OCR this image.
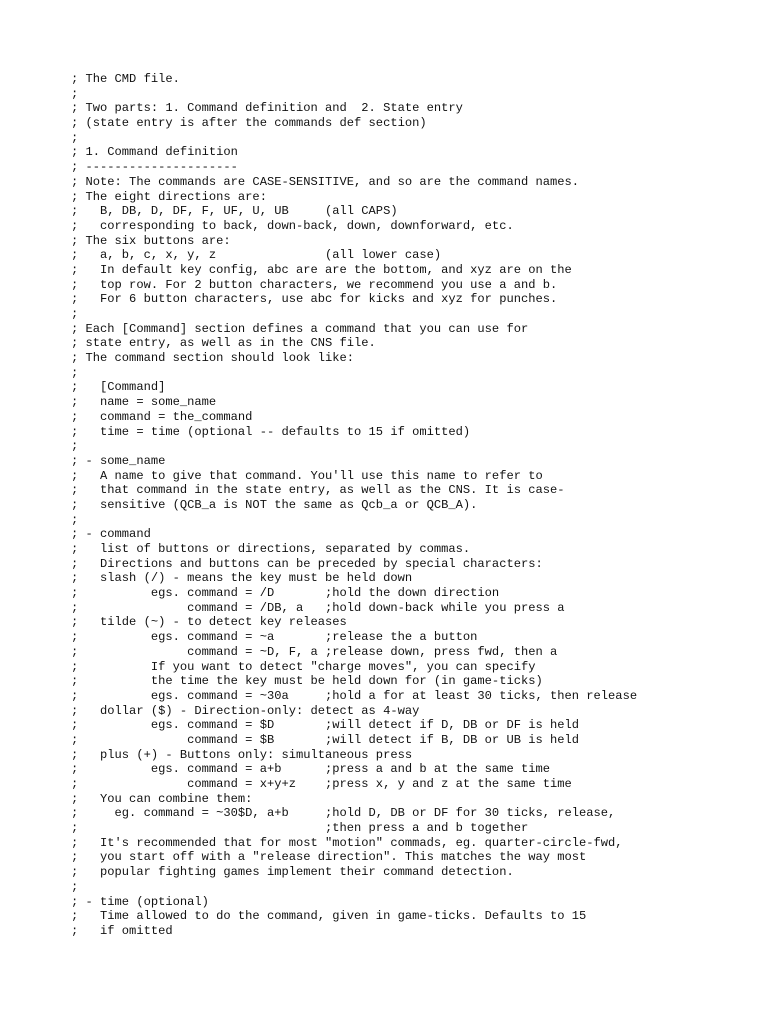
; The CMD file.
;
; Two parts: 1. Command definition and  2. State entry
; (state entry is after the commands def section)
;
; 1. Command definition
; ---------------------
; Note: The commands are CASE-SENSITIVE, and so are the command names.
; The eight directions are:
;   B, DB, D, DF, F, UF, U, UB     (all CAPS)
;   corresponding to back, down-back, down, downforward, etc.
; The six buttons are:
;   a, b, c, x, y, z               (all lower case)
;   In default key config, abc are are the bottom, and xyz are on the
;   top row. For 2 button characters, we recommend you use a and b.
;   For 6 button characters, use abc for kicks and xyz for punches.
;
; Each [Command] section defines a command that you can use for
; state entry, as well as in the CNS file.
; The command section should look like:
;
;   [Command]
;   name = some_name
;   command = the_command
;   time = time (optional -- defaults to 15 if omitted)
;
; - some_name
;   A name to give that command. You'll use this name to refer to
;   that command in the state entry, as well as the CNS. It is case-
;   sensitive (QCB_a is NOT the same as Qcb_a or QCB_A).
;
; - command
;   list of buttons or directions, separated by commas.
;   Directions and buttons can be preceded by special characters:
;   slash (/) - means the key must be held down
;          egs. command = /D       ;hold the down direction
;               command = /DB, a   ;hold down-back while you press a
;   tilde (~) - to detect key releases
;          egs. command = ~a       ;release the a button
;               command = ~D, F, a ;release down, press fwd, then a
;          If you want to detect "charge moves", you can specify
;          the time the key must be held down for (in game-ticks)
;          egs. command = ~30a     ;hold a for at least 30 ticks, then release
;   dollar ($) - Direction-only: detect as 4-way
;          egs. command = $D       ;will detect if D, DB or DF is held
;               command = $B       ;will detect if B, DB or UB is held
;   plus (+) - Buttons only: simultaneous press
;          egs. command = a+b      ;press a and b at the same time
;               command = x+y+z    ;press x, y and z at the same time
;   You can combine them:
;     eg. command = ~30$D, a+b     ;hold D, DB or DF for 30 ticks, release,
;                                  ;then press a and b together
;   It's recommended that for most "motion" commads, eg. quarter-circle-fwd,
;   you start off with a "release direction". This matches the way most
;   popular fighting games implement their command detection.
;
; - time (optional)
;   Time allowed to do the command, given in game-ticks. Defaults to 15
;   if omitted
